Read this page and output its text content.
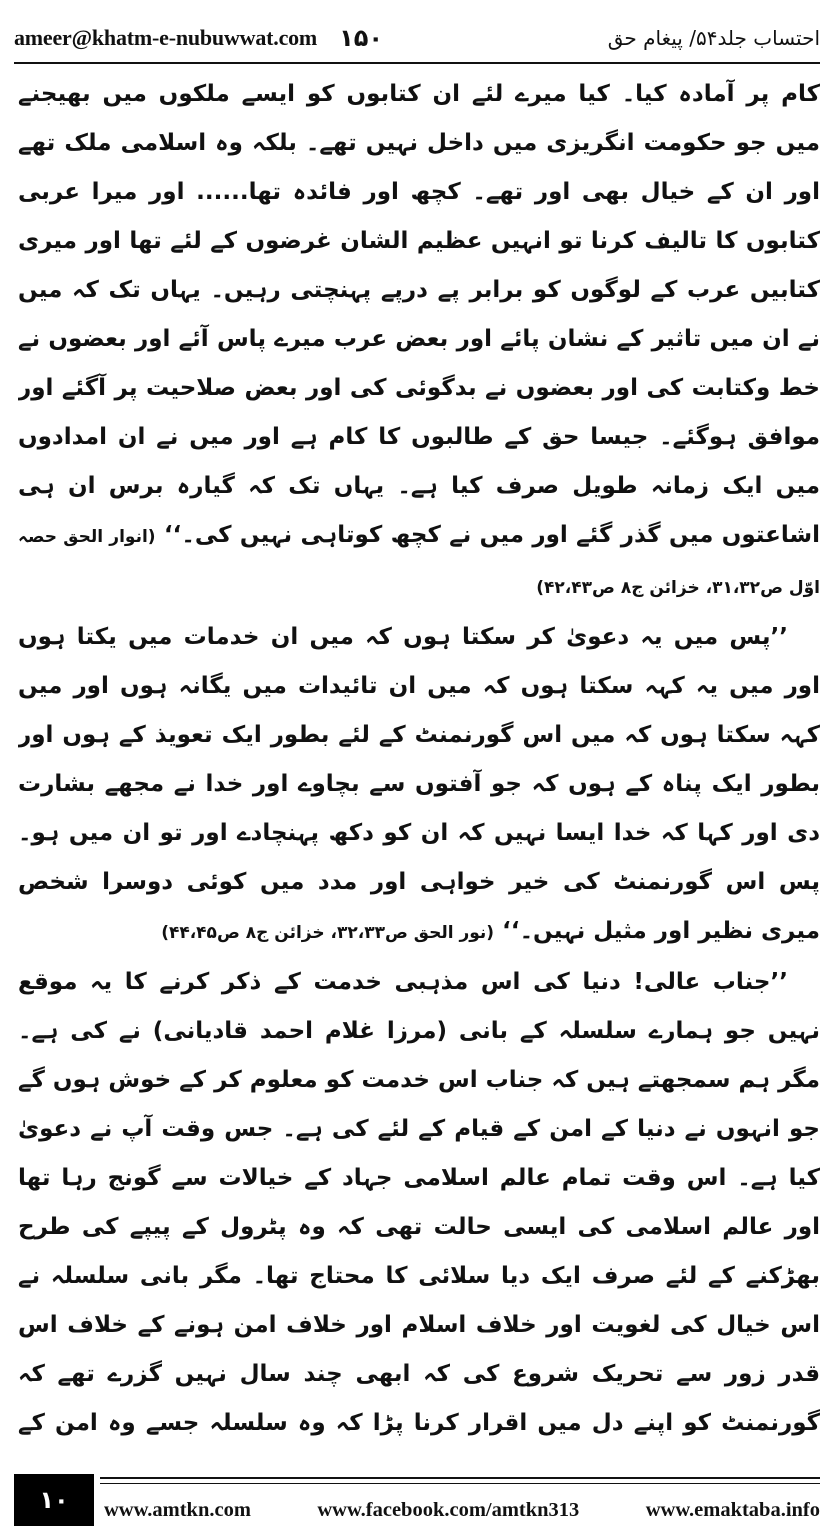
ameer@khatm-e-nubuwwat.com ۱۵۰	احتساب جلد۵۴/ پیغام حق

کام پر آمادہ کیا۔ کیا میرے لئے ان کتابوں کو ایسے ملکوں میں بھیجنے میں جو حکومت انگریزی میں داخل نہیں تھے۔ بلکہ وہ اسلامی ملک تھے اور ان کے خیال بھی اور تھے۔ کچھ اور فائدہ تھا...... اور میرا عربی کتابوں کا تالیف کرنا تو انہیں عظیم الشان غرضوں کے لئے تھا اور میری کتابیں عرب کے لوگوں کو برابر پے درپے پہنچتی رہیں۔ یہاں تک کہ میں نے ان میں تاثیر کے نشان پائے اور بعض عرب میرے پاس آئے اور بعضوں نے خط وکتابت کی اور بعضوں نے بدگوئی کی اور بعض صلاحیت پر آگئے اور موافق ہوگئے۔ جیسا حق کے طالبوں کا کام ہے اور میں نے ان امدادوں میں ایک زمانہ طویل صرف کیا ہے۔ یہاں تک کہ گیارہ برس ان ہی اشاعتوں میں گذر گئے اور میں نے کچھ کوتاہی نہیں کی۔‘‘ (انوار الحق حصہ اوّل ص۳۱،۳۲، خزائن ج۸ ص۴۲،۴۳)

’’پس میں یہ دعویٰ کر سکتا ہوں کہ میں ان خدمات میں یکتا ہوں اور میں یہ کہہ سکتا ہوں کہ میں ان تائیدات میں یگانہ ہوں اور میں کہہ سکتا ہوں کہ میں اس گورنمنٹ کے لئے بطور ایک تعویذ کے ہوں اور بطور ایک پناہ کے ہوں کہ جو آفتوں سے بچاوے اور خدا نے مجھے بشارت دی اور کہا کہ خدا ایسا نہیں کہ ان کو دکھ پہنچادے اور تو ان میں ہو۔ پس اس گورنمنٹ کی خیر خواہی اور مدد میں کوئی دوسرا شخص میری نظیر اور مثیل نہیں۔‘‘ (نور الحق ص۳۲،۳۳، خزائن ج۸ ص۴۴،۴۵)

’’جناب عالی! دنیا کی اس مذہبی خدمت کے ذکر کرنے کا یہ موقع نہیں جو ہمارے سلسلہ کے بانی (مرزا غلام احمد قادیانی) نے کی ہے۔ مگر ہم سمجھتے ہیں کہ جناب اس خدمت کو معلوم کر کے خوش ہوں گے جو انہوں نے دنیا کے امن کے قیام کے لئے کی ہے۔ جس وقت آپ نے دعویٰ کیا ہے۔ اس وقت تمام عالم اسلامی جہاد کے خیالات سے گونج رہا تھا اور عالم اسلامی کی ایسی حالت تھی کہ وہ پٹرول کے پیپے کی طرح بھڑکنے کے لئے صرف ایک دیا سلائی کا محتاج تھا۔ مگر بانی سلسلہ نے اس خیال کی لغویت اور خلاف اسلام اور خلاف امن ہونے کے خلاف اس قدر زور سے تحریک شروع کی کہ ابھی چند سال نہیں گزرے تھے کہ گورنمنٹ کو اپنے دل میں اقرار کرنا پڑا کہ وہ سلسلہ جسے وہ امن کے

۱۰	www.amtkn.com	www.facebook.com/amtkn313	www.emaktaba.info
